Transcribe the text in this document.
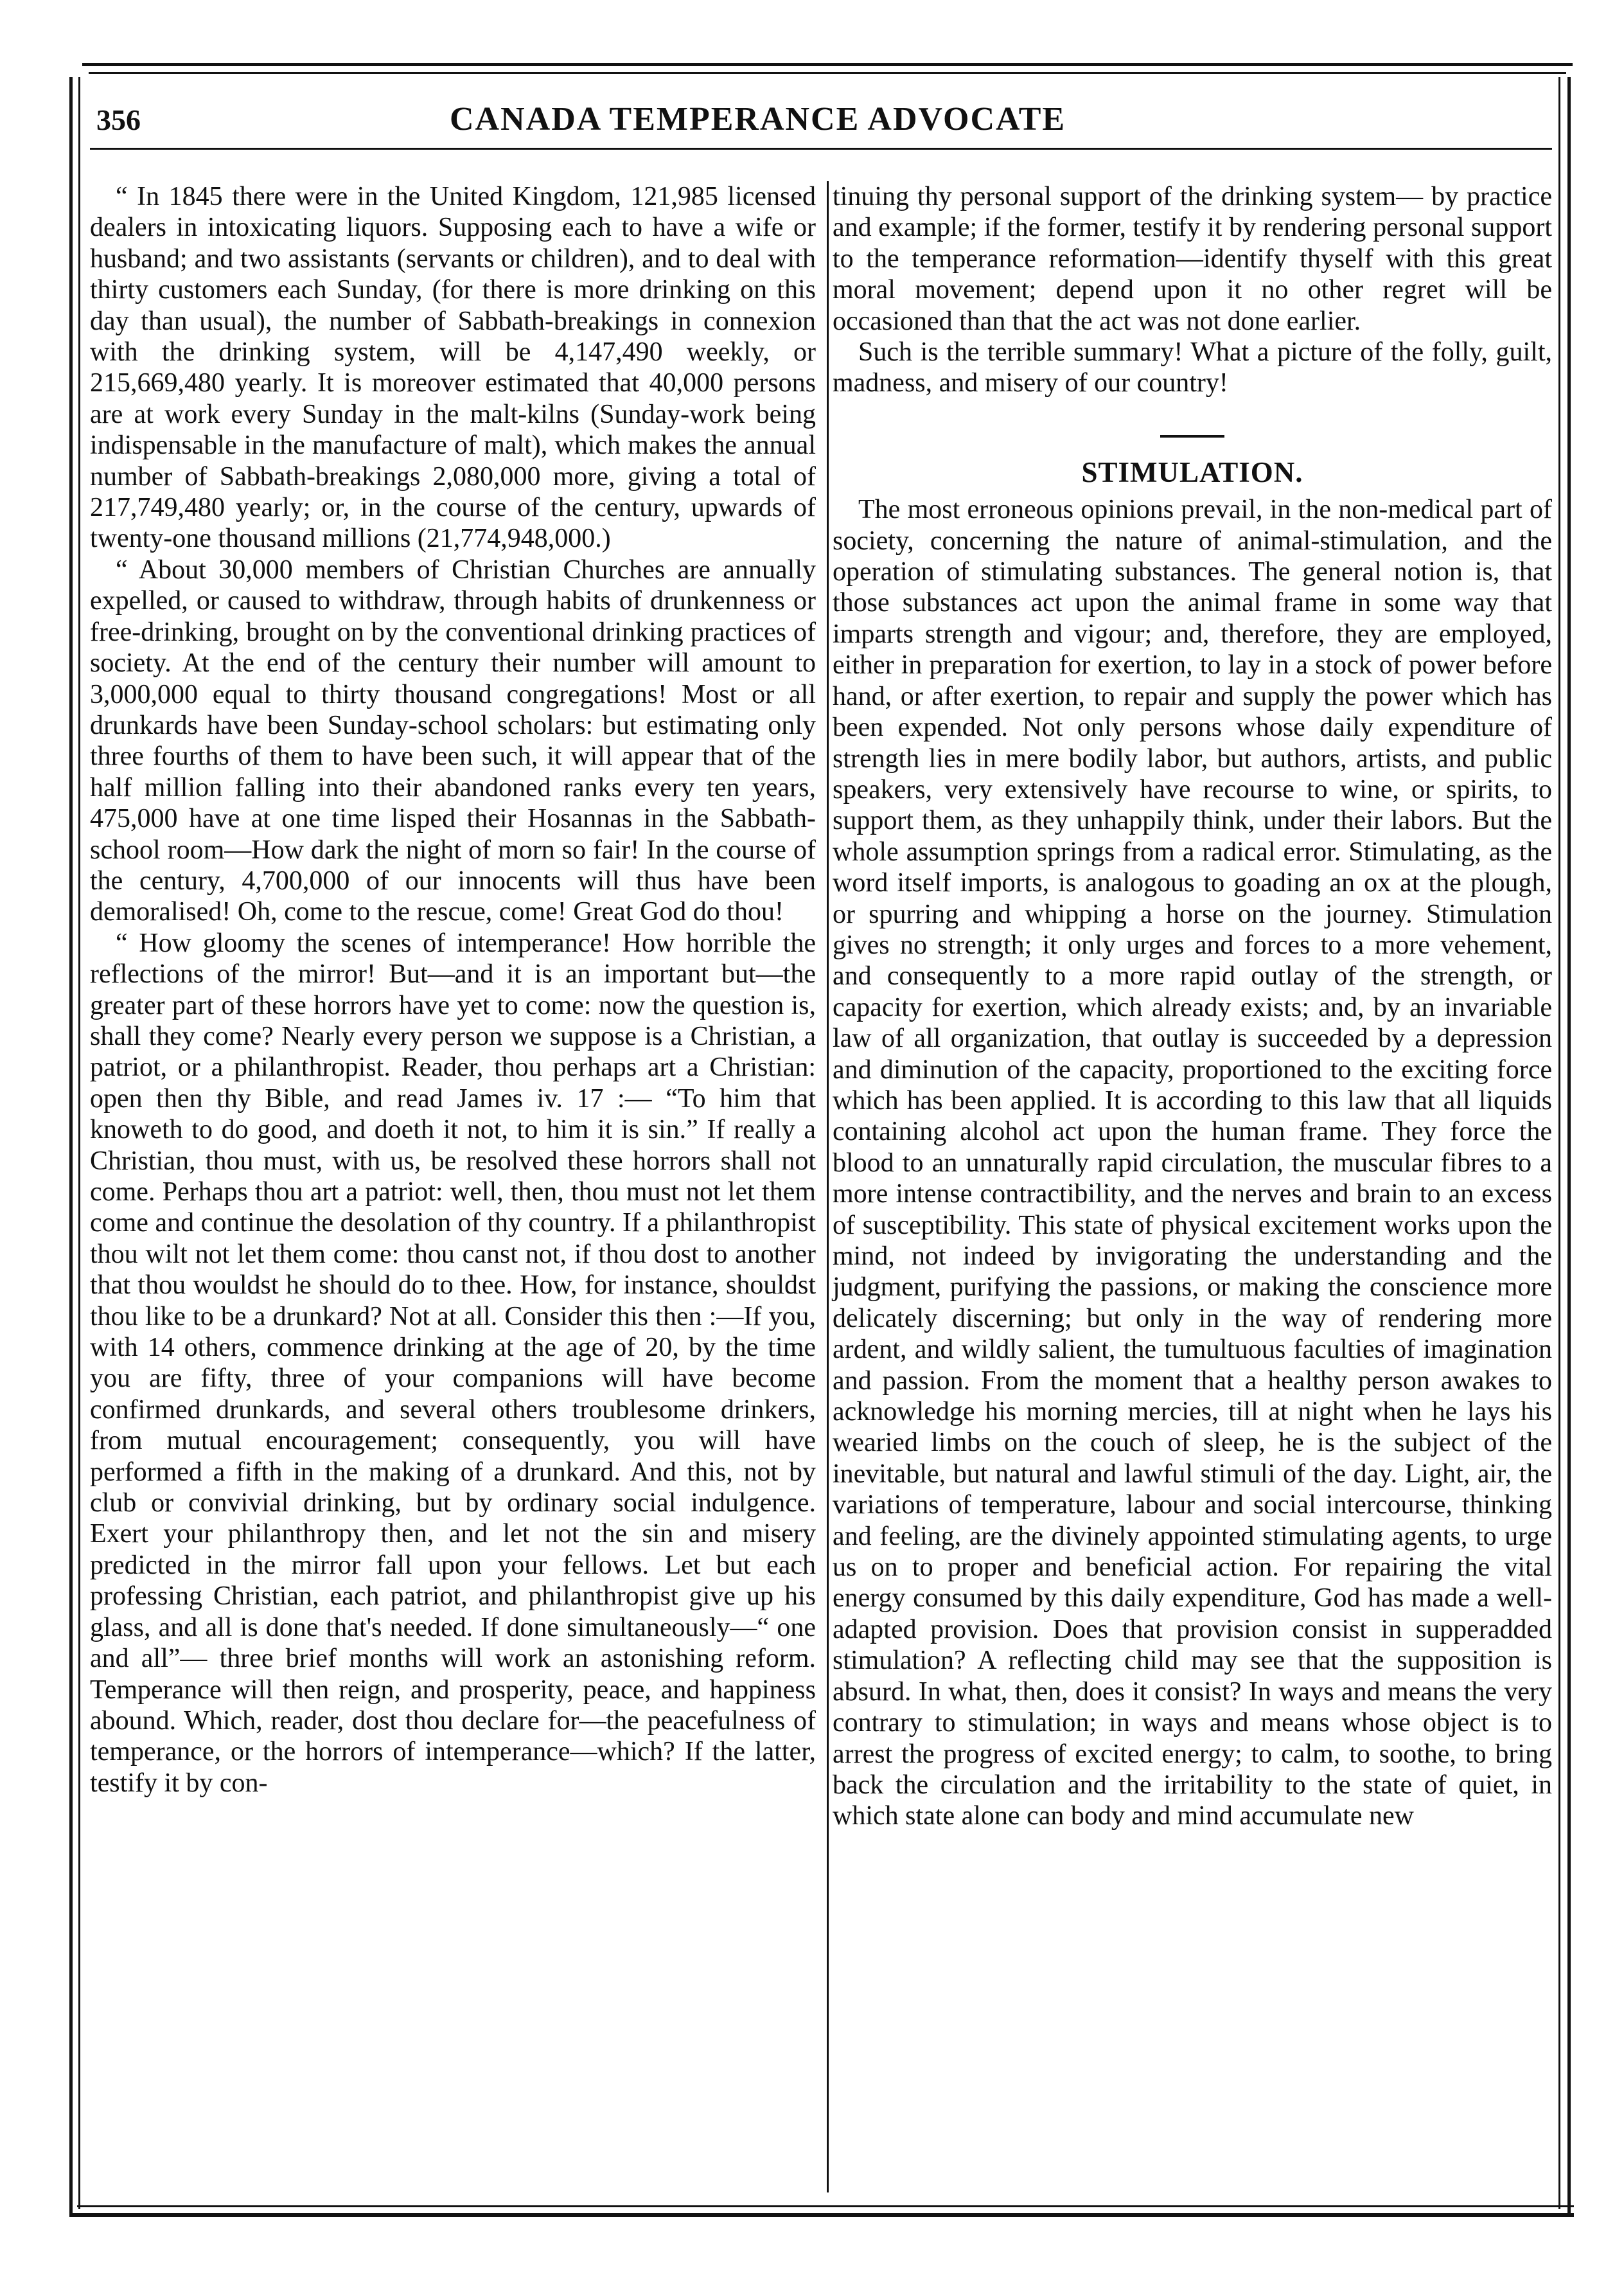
356	CANADA TEMPERANCE ADVOCATE

“ In 1845 there were in the United Kingdom, 121,985 licensed dealers in intoxicating liquors. Supposing each to have a wife or husband; and two assistants (servants or children), and to deal with thirty customers each Sunday, (for there is more drinking on this day than usual), the number of Sabbath-breakings in connexion with the drinking system, will be 4,147,490 weekly, or 215,669,480 yearly. It is moreover estimated that 40,000 persons are at work every Sunday in the malt-kilns (Sunday-work being indispensable in the manufacture of malt), which makes the annual number of Sabbath-breakings 2,080,000 more, giving a total of 217,749,480 yearly; or, in the course of the century, upwards of twenty-one thousand millions (21,774,948,000.)

“ About 30,000 members of Christian Churches are annually expelled, or caused to withdraw, through habits of drunkenness or free-drinking, brought on by the conventional drinking practices of society. At the end of the century their number will amount to 3,000,000 equal to thirty thousand congregations! Most or all drunkards have been Sunday-school scholars: but estimating only three fourths of them to have been such, it will appear that of the half million falling into their abandoned ranks every ten years, 475,000 have at one time lisped their Hosannas in the Sabbath-school room—How dark the night of morn so fair! In the course of the century, 4,700,000 of our innocents will thus have been demoralised! Oh, come to the rescue, come! Great God do thou!

“ How gloomy the scenes of intemperance! How horrible the reflections of the mirror! But—and it is an important but—the greater part of these horrors have yet to come: now the question is, shall they come? Nearly every person we suppose is a Christian, a patriot, or a philanthropist. Reader, thou perhaps art a Christian: open then thy Bible, and read James iv. 17 :— “To him that knoweth to do good, and doeth it not, to him it is sin.” If really a Christian, thou must, with us, be resolved these horrors shall not come. Perhaps thou art a patriot: well, then, thou must not let them come and continue the desolation of thy country. If a philanthropist thou wilt not let them come: thou canst not, if thou dost to another that thou wouldst he should do to thee. How, for instance, shouldst thou like to be a drunkard? Not at all. Consider this then :—If you, with 14 others, commence drinking at the age of 20, by the time you are fifty, three of your companions will have become confirmed drunkards, and several others troublesome drinkers, from mutual encouragement; consequently, you will have performed a fifth in the making of a drunkard. And this, not by club or convivial drinking, but by ordinary social indulgence. Exert your philanthropy then, and let not the sin and misery predicted in the mirror fall upon your fellows. Let but each professing Christian, each patriot, and philanthropist give up his glass, and all is done that's needed. If done simultaneously—“ one and all”— three brief months will work an astonishing reform. Temperance will then reign, and prosperity, peace, and happiness abound. Which, reader, dost thou declare for—the peacefulness of temperance, or the horrors of intemperance—which? If the latter, testify it by con-

tinuing thy personal support of the drinking system— by practice and example; if the former, testify it by rendering personal support to the temperance reformation—identify thyself with this great moral movement; depend upon it no other regret will be occasioned than that the act was not done earlier.

Such is the terrible summary! What a picture of the folly, guilt, madness, and misery of our country!

STIMULATION.

The most erroneous opinions prevail, in the non-medical part of society, concerning the nature of animal-stimulation, and the operation of stimulating substances. The general notion is, that those substances act upon the animal frame in some way that imparts strength and vigour; and, therefore, they are employed, either in preparation for exertion, to lay in a stock of power before hand, or after exertion, to repair and supply the power which has been expended. Not only persons whose daily expenditure of strength lies in mere bodily labor, but authors, artists, and public speakers, very extensively have recourse to wine, or spirits, to support them, as they unhappily think, under their labors. But the whole assumption springs from a radical error. Stimulating, as the word itself imports, is analogous to goading an ox at the plough, or spurring and whipping a horse on the journey. Stimulation gives no strength; it only urges and forces to a more vehement, and consequently to a more rapid outlay of the strength, or capacity for exertion, which already exists; and, by an invariable law of all organization, that outlay is succeeded by a depression and diminution of the capacity, proportioned to the exciting force which has been applied. It is according to this law that all liquids containing alcohol act upon the human frame. They force the blood to an unnaturally rapid circulation, the muscular fibres to a more intense contractibility, and the nerves and brain to an excess of susceptibility. This state of physical excitement works upon the mind, not indeed by invigorating the understanding and the judgment, purifying the passions, or making the conscience more delicately discerning; but only in the way of rendering more ardent, and wildly salient, the tumultuous faculties of imagination and passion. From the moment that a healthy person awakes to acknowledge his morning mercies, till at night when he lays his wearied limbs on the couch of sleep, he is the subject of the inevitable, but natural and lawful stimuli of the day. Light, air, the variations of temperature, labour and social intercourse, thinking and feeling, are the divinely appointed stimulating agents, to urge us on to proper and beneficial action. For repairing the vital energy consumed by this daily expenditure, God has made a well-adapted provision. Does that provision consist in supperadded stimulation? A reflecting child may see that the supposition is absurd. In what, then, does it consist? In ways and means the very contrary to stimulation; in ways and means whose object is to arrest the progress of excited energy; to calm, to soothe, to bring back the circulation and the irritability to the state of quiet, in which state alone can body and mind accumulate new
